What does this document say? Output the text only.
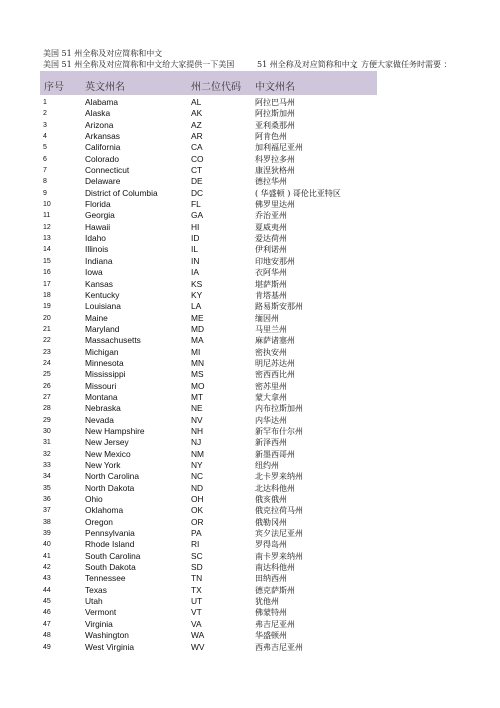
美国 51 州全称及对应简称和中文
美国 51 州全称及对应简称和中文给大家提供一下美国	51 州全称及对应简称和中文，方便大家做任务时需要 ：
序号 英文州名	州二位代码 中文州名
1	Alabama	AL	阿拉巴马州
2	Alaska	AK	阿拉斯加州
3	Arizona	AZ	亚利桑那州
4	Arkansas	AR	阿肯色州
5	California	CA	加利福尼亚州
6	Colorado	CO	科罗拉多州
7	Connecticut	CT	康涅狄格州
8	Delaware	DE	德拉华州
9	District of Columbia	DC	( 华盛顿 ) 哥伦比亚特区
10	Florida	FL	佛罗里达州
11	Georgia	GA	乔治亚州
12	Hawaii	HI	夏威夷州
13	Idaho	ID	爱达荷州
14	Illinois	IL	伊利诺州
15	Indiana	IN	印地安那州
16	Iowa	IA	衣阿华州
17	Kansas	KS	堪萨斯州
18	Kentucky	KY	肯塔基州
19	Louisiana	LA	路易斯安那州
20	Maine	ME	缅因州
21	Maryland	MD	马里兰州
22	Massachusetts	MA	麻萨诸塞州
23	Michigan	MI	密执安州
24	Minnesota	MN	明尼苏达州
25	Mississippi	MS	密西西比州
26	Missouri	MO	密苏里州
27	Montana	MT	蒙大拿州
28	Nebraska	NE	内布拉斯加州
29	Nevada	NV	内华达州
30	New Hampshire	NH	新罕布什尔州
31	New Jersey	NJ	新泽西州
32	New Mexico	NM	新墨西哥州
33	New York	NY	纽约州
34	North Carolina	NC	北卡罗来纳州
35	North Dakota	ND	北达科他州
36	Ohio	OH	俄亥俄州
37	Oklahoma	OK	俄克拉荷马州
38	Oregon	OR	俄勒冈州
39	Pennsylvania	PA	宾夕法尼亚州
40	Rhode Island	RI	罗得岛州
41	South Carolina	SC	南卡罗来纳州
42	South Dakota	SD	南达科他州
43	Tennessee	TN	田纳西州
44	Texas	TX	德克萨斯州
45	Utah	UT	犹他州
46	Vermont	VT	佛蒙特州
47	Virginia	VA	弗吉尼亚州
48	Washington	WA	华盛顿州
49	West Virginia	WV	西弗吉尼亚州
